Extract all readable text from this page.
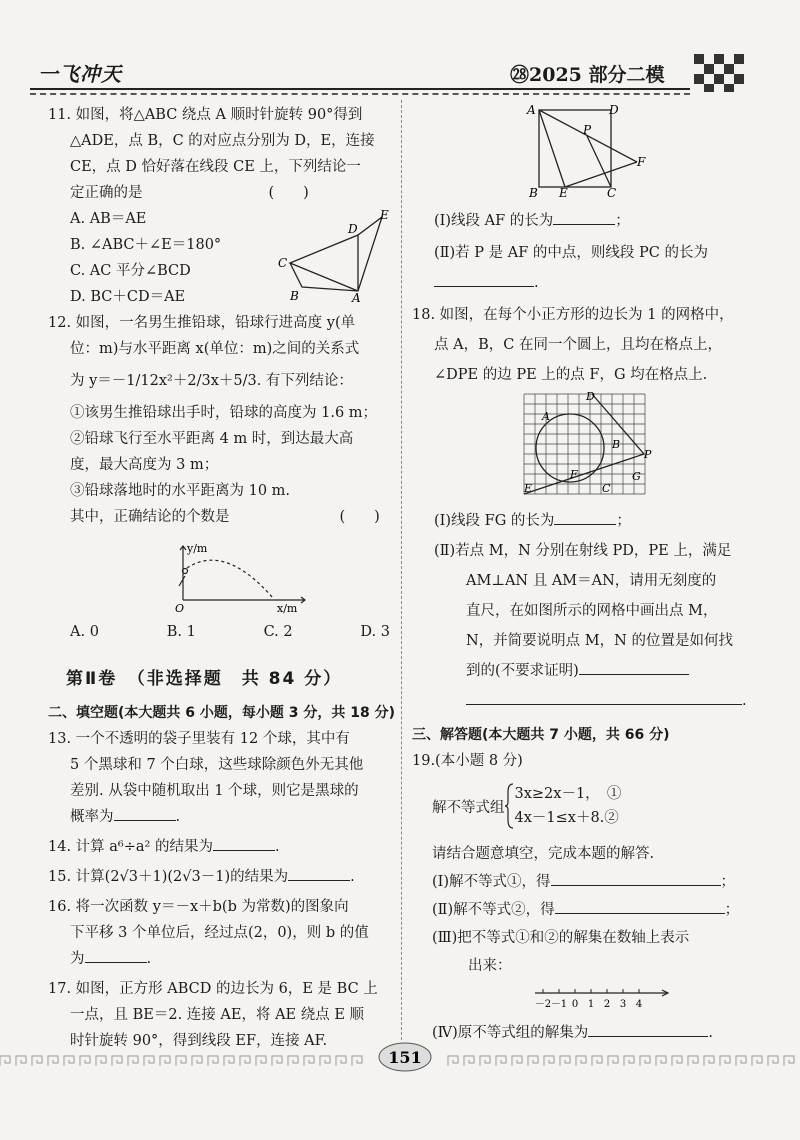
一飞冲天	㉘2025 部分二模

11. 如图，将△ABC 绕点 A 顺时针旋转 90°得到

△ADE，点 B，C 的对应点分别为 D，E，连接

CE，点 D 恰好落在线段 CE 上，下列结论一

定正确的是	(　　)

A. AB＝AE

B. ∠ABC＋∠E＝180°

C. AC 平分∠BCD

D. BC＋CD＝AE

E
D
C
B	A

12. 如图，一名男生推铅球，铅球行进高度 y(单

位：m)与水平距离 x(单位：m)之间的关系式

为 y＝－1/12x²＋2/3x＋5/3. 有下列结论：

①该男生推铅球出手时，铅球的高度为 1.6 m；

②铅球飞行至水平距离 4 m 时，到达最大高

度，最大高度为 3 m；

③铅球落地时的水平距离为 10 m.

其中，正确结论的个数是	(　　)

y/m
O	x/m
A. 0	B. 1	C. 2	D. 3
第Ⅱ卷　（非选择题　共 84 分）

二、填空题(本大题共 6 小题，每小题 3 分，共 18 分)

13. 一个不透明的袋子里装有 12 个球，其中有

5 个黑球和 7 个白球，这些球除颜色外无其他

差别. 从袋中随机取出 1 个球，则它是黑球的

概率为	.

14. 计算 a⁶÷a² 的结果为	.

15. 计算(2√3＋1)(2√3－1)的结果为	.

16. 将一次函数 y＝－x＋b(b 为常数)的图象向

下平移 3 个单位后，经过点(2，0)，则 b 的值

为	.

17. 如图，正方形 ABCD 的边长为 6，E 是 BC 上

一点，且 BE＝2. 连接 AE，将 AE 绕点 E 顺

时针旋转 90°，得到线段 EF，连接 AF.

A	D
P
F
B E	C

(Ⅰ)线段 AF 的长为	；

(Ⅱ)若 P 是 AF 的中点，则线段 PC 的长为

.

18. 如图，在每个小正方形的边长为 1 的网格中，

点 A，B，C 在同一个圆上，且均在格点上，

∠DPE 的边 PE 上的点 F，G 均在格点上.

D
A
B
P
F	G
E	C

(Ⅰ)线段 FG 的长为	；

(Ⅱ)若点 M，N 分别在射线 PD，PE 上，满足

AM⊥AN 且 AM＝AN，请用无刻度的

直尺，在如图所示的网格中画出点 M，

N，并简要说明点 M，N 的位置是如何找

到的(不要求证明)

.

三、解答题(本大题共 7 小题，共 66 分)

19.(本小题 8 分)

解不等式组
3x≥2x－1，　①
4x－1≤x＋8.②

请结合题意填空，完成本题的解答.

(Ⅰ)解不等式①，得	；

(Ⅱ)解不等式②，得	；

(Ⅲ)把不等式①和②的解集在数轴上表示

出来：

－2 －1 0 1 2 3 4

(Ⅳ)原不等式组的解集为	.

151
